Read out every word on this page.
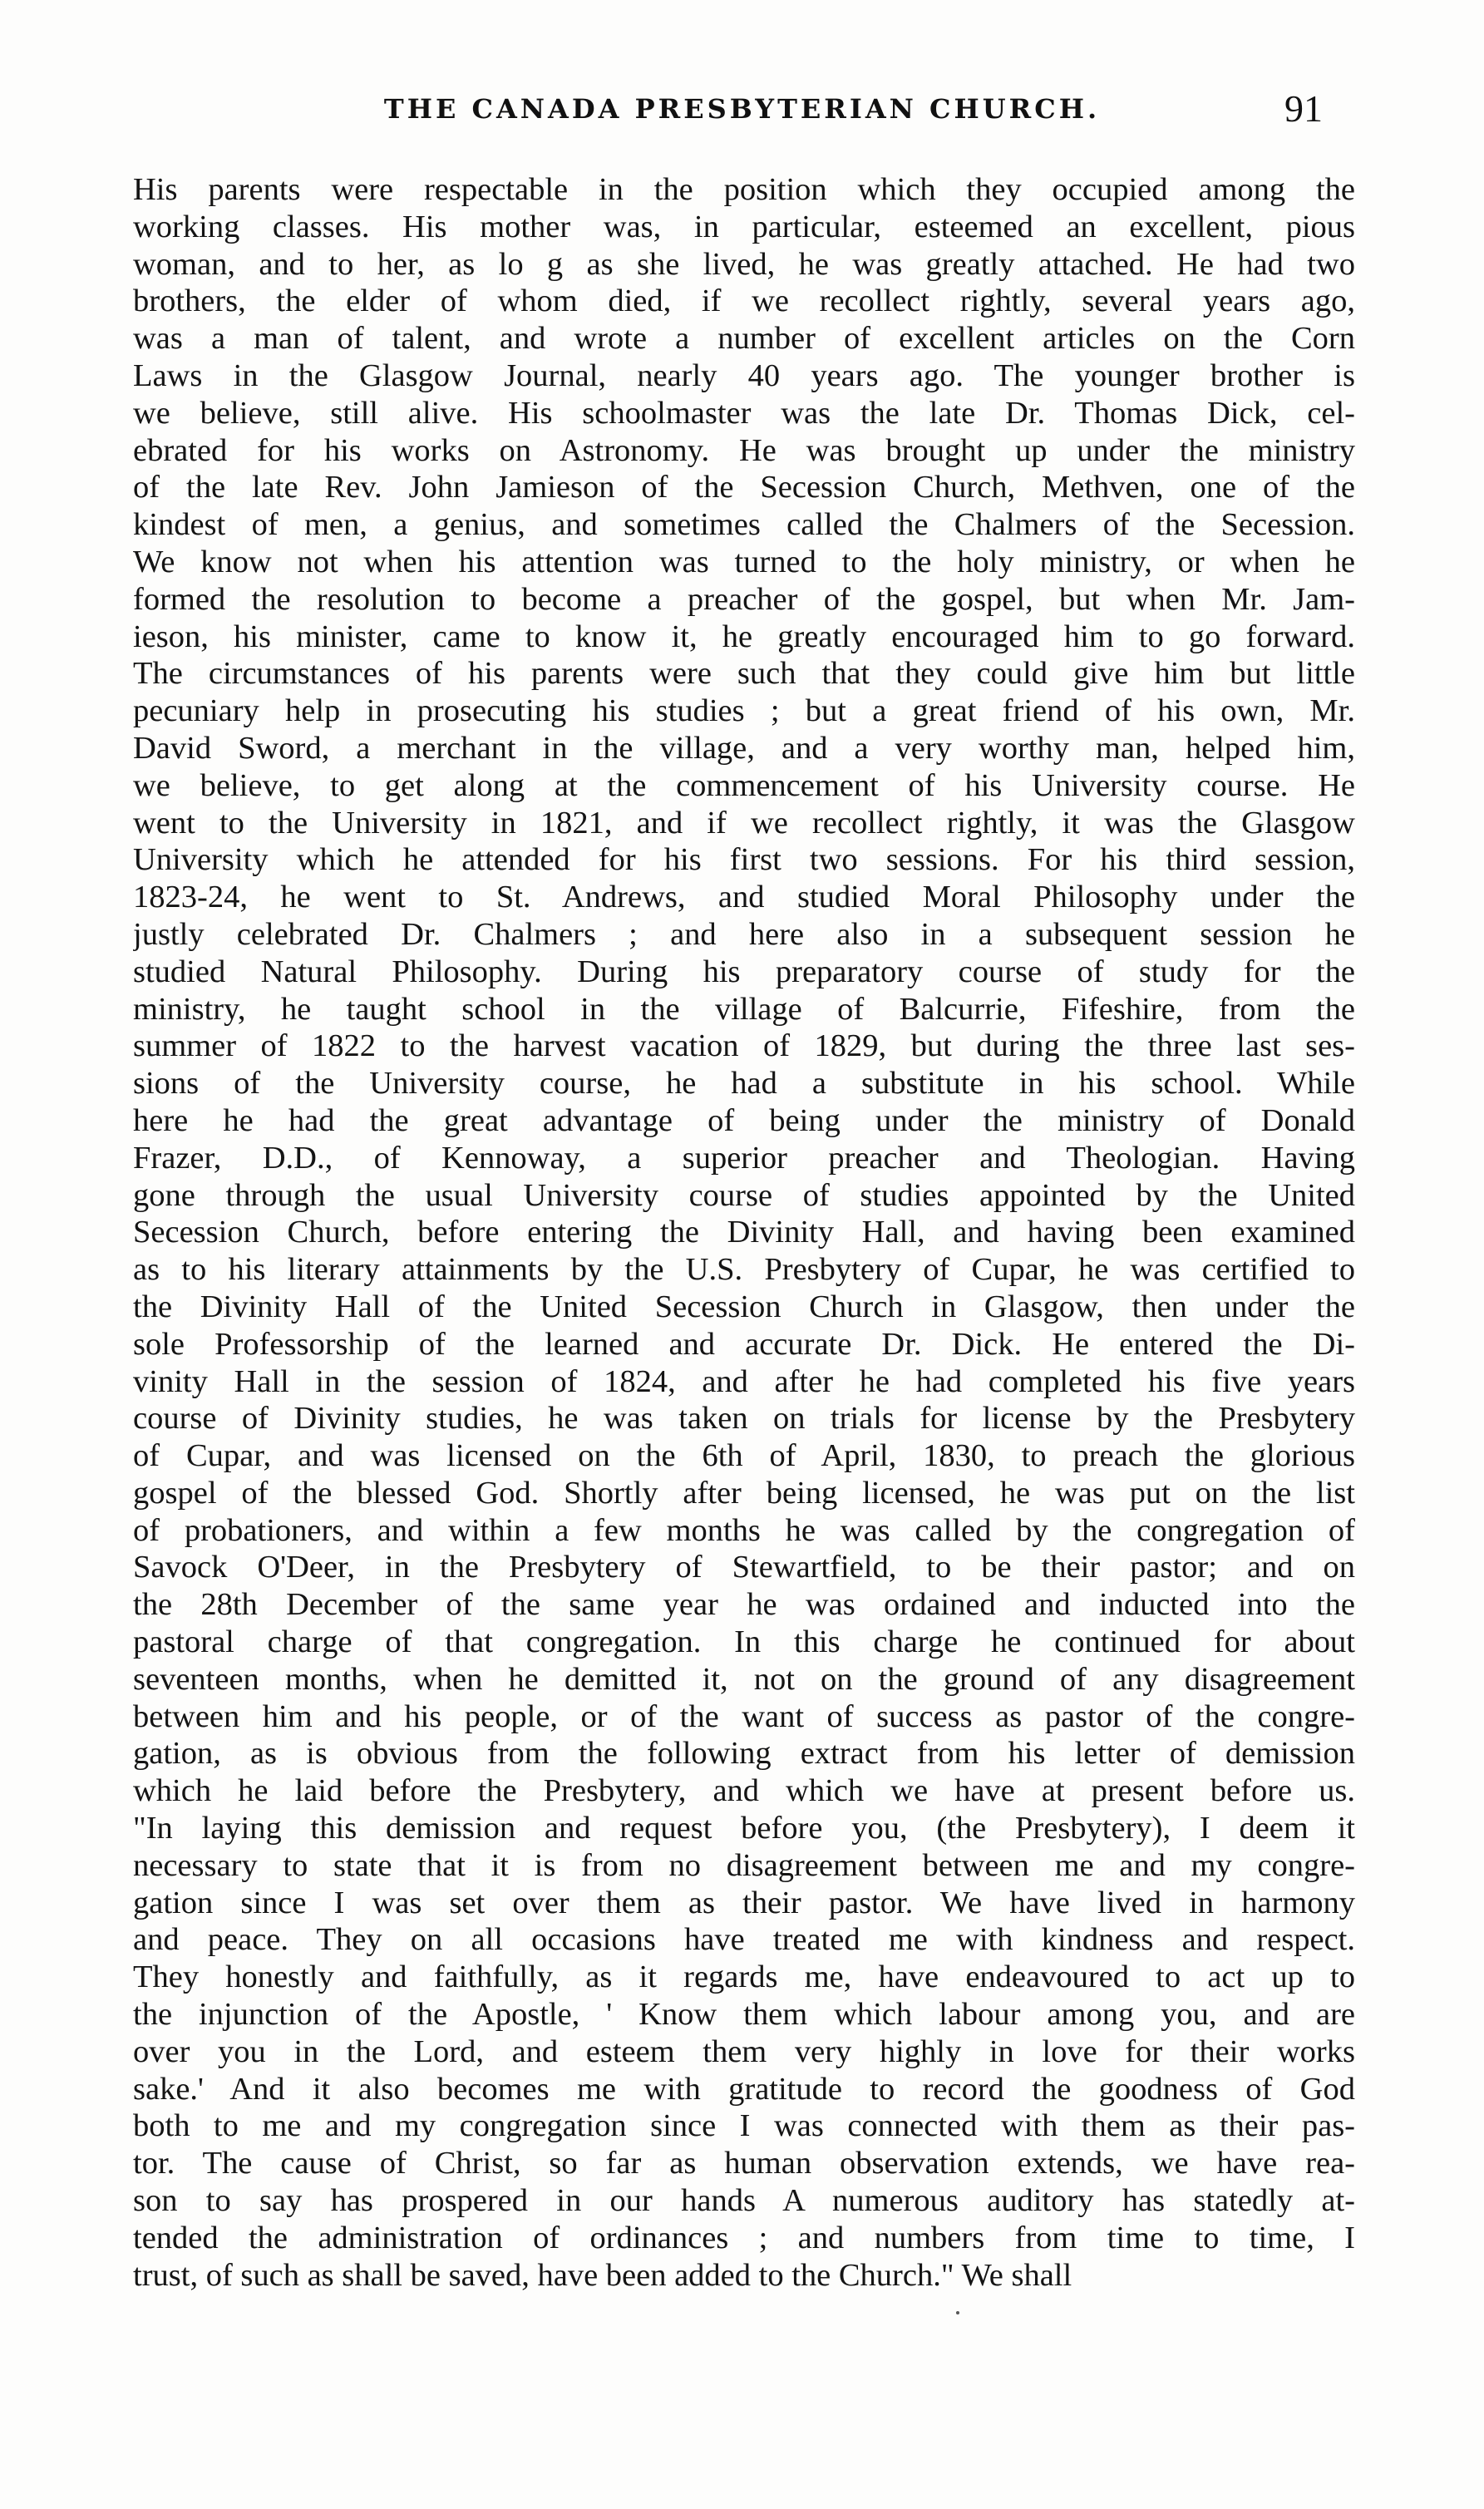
THE CANADA PRESBYTERIAN CHURCH.	91
His parents were respectable in the position which they occupied among the
working classes. His mother was, in particular, esteemed an excellent, pious
woman, and to her, as lo g as she lived, he was greatly attached. He had two
brothers, the elder of whom died, if we recollect rightly, several years ago,
was a man of talent, and wrote a number of excellent articles on the Corn
Laws in the Glasgow Journal, nearly 40 years ago. The younger brother is
we believe, still alive. His schoolmaster was the late Dr. Thomas Dick, cel-
ebrated for his works on Astronomy. He was brought up under the ministry
of the late Rev. John Jamieson of the Secession Church, Methven, one of the
kindest of men, a genius, and sometimes called the Chalmers of the Secession.
We know not when his attention was turned to the holy ministry, or when he
formed the resolution to become a preacher of the gospel, but when Mr. Jam-
ieson, his minister, came to know it, he greatly encouraged him to go forward.
The circumstances of his parents were such that they could give him but little
pecuniary help in prosecuting his studies ; but a great friend of his own, Mr.
David Sword, a merchant in the village, and a very worthy man, helped him,
we believe, to get along at the commencement of his University course. He
went to the University in 1821, and if we recollect rightly, it was the Glasgow
University which he attended for his first two sessions. For his third session,
1823-24, he went to St. Andrews, and studied Moral Philosophy under the
justly celebrated Dr. Chalmers ; and here also in a subsequent session he
studied Natural Philosophy. During his preparatory course of study for the
ministry, he taught school in the village of Balcurrie, Fifeshire, from the
summer of 1822 to the harvest vacation of 1829, but during the three last ses-
sions of the University course, he had a substitute in his school. While
here he had the great advantage of being under the ministry of Donald
Frazer, D.D., of Kennoway, a superior preacher and Theologian. Having
gone through the usual University course of studies appointed by the United
Secession Church, before entering the Divinity Hall, and having been examined
as to his literary attainments by the U.S. Presbytery of Cupar, he was certified to
the Divinity Hall of the United Secession Church in Glasgow, then under the
sole Professorship of the learned and accurate Dr. Dick. He entered the Di-
vinity Hall in the session of 1824, and after he had completed his five years
course of Divinity studies, he was taken on trials for license by the Presbytery
of Cupar, and was licensed on the 6th of April, 1830, to preach the glorious
gospel of the blessed God. Shortly after being licensed, he was put on the list
of probationers, and within a few months he was called by the congregation of
Savock O'Deer, in the Presbytery of Stewartfield, to be their pastor; and on
the 28th December of the same year he was ordained and inducted into the
pastoral charge of that congregation. In this charge he continued for about
seventeen months, when he demitted it, not on the ground of any disagreement
between him and his people, or of the want of success as pastor of the congre-
gation, as is obvious from the following extract from his letter of demission
which he laid before the Presbytery, and which we have at present before us.
"In laying this demission and request before you, (the Presbytery), I deem it
necessary to state that it is from no disagreement between me and my congre-
gation since I was set over them as their pastor. We have lived in harmony
and peace. They on all occasions have treated me with kindness and respect.
They honestly and faithfully, as it regards me, have endeavoured to act up to
the injunction of the Apostle, ' Know them which labour among you, and are
over you in the Lord, and esteem them very highly in love for their works
sake.' And it also becomes me with gratitude to record the goodness of God
both to me and my congregation since I was connected with them as their pas-
tor. The cause of Christ, so far as human observation extends, we have rea-
son to say has prospered in our hands A numerous auditory has statedly at-
tended the administration of ordinances ; and numbers from time to time, I
trust, of such as shall be saved, have been added to the Church." We shall
